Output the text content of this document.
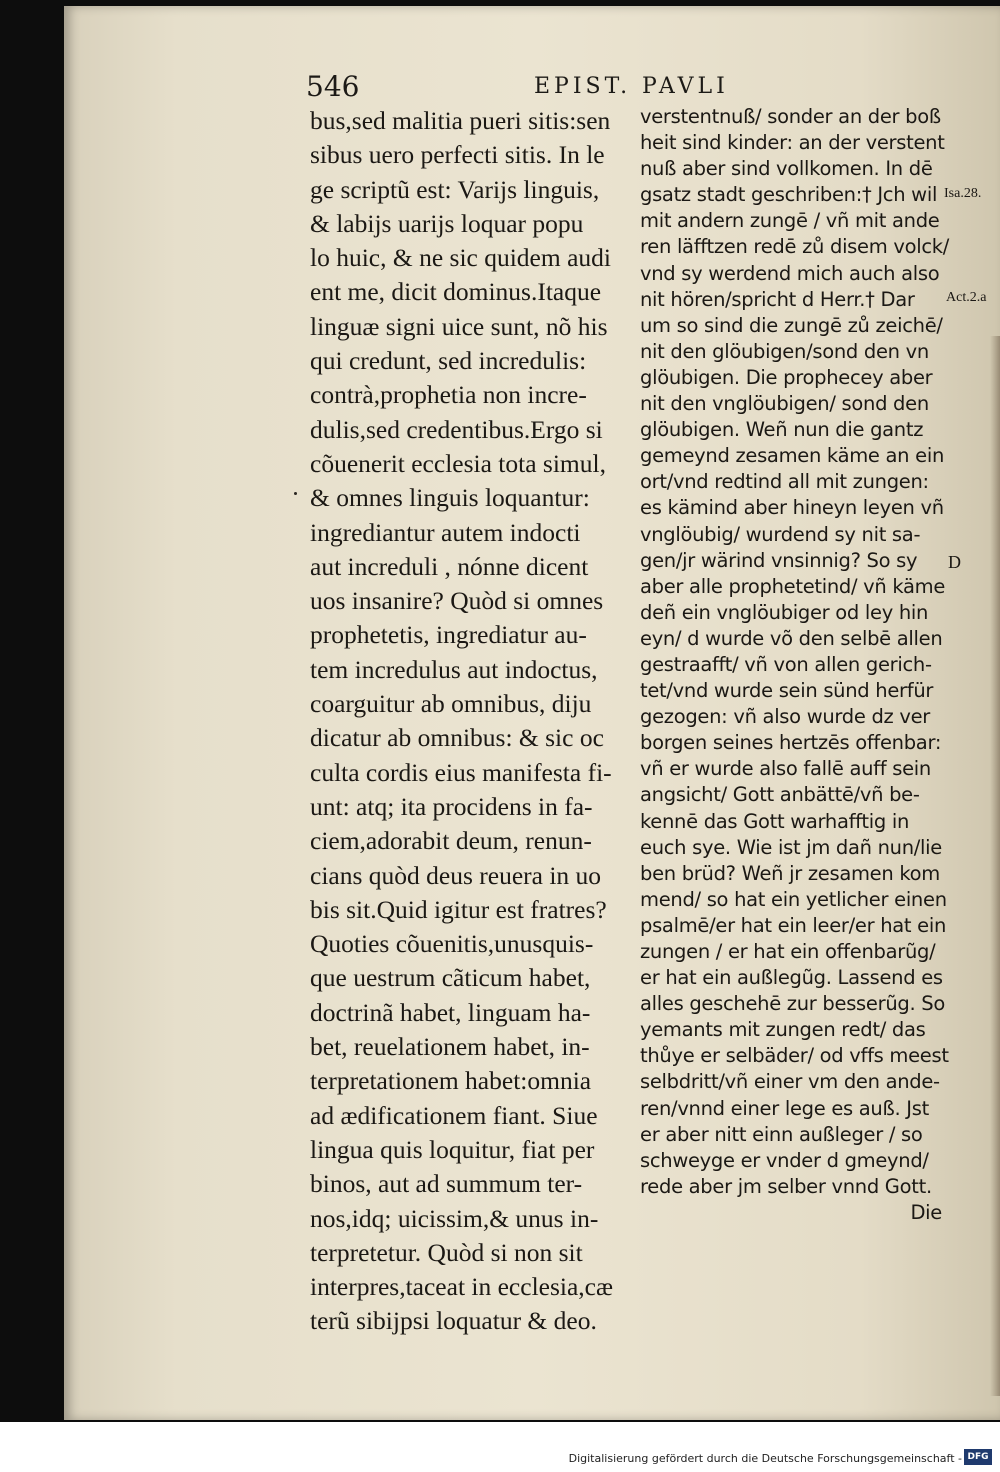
546	EPIST. PAVLI
bus,sed malitia pueri sitis:sen
sibus uero perfecti sitis. In le
ge scriptũ est: Varijs linguis,
& labijs uarijs loquar popu
lo huic, & ne sic quidem audi
ent me, dicit dominus.Itaque
linguæ signi uice sunt, nõ his
qui credunt, sed incredulis:
contrà,prophetia non incre-
dulis,sed credentibus.Ergo si
cõuenerit ecclesia tota simul,
& omnes linguis loquantur:
ingrediantur autem indocti
aut increduli , nónne dicent
uos insanire? Quòd si omnes
prophetetis, ingrediatur au-
tem incredulus aut indoctus,
coarguitur ab omnibus, diju
dicatur ab omnibus: & sic oc
culta cordis eius manifesta fi-
unt: atq; ita procidens in fa-
ciem,adorabit deum, renun-
cians quòd deus reuera in uo
bis sit.Quid igitur est fratres?
Quoties cõuenitis,unusquis-
que uestrum cãticum habet,
doctrinã habet, linguam ha-
bet, reuelationem habet, in-
terpretationem habet:omnia
ad ædificationem fiant. Siue
lingua quis loquitur, fiat per
binos, aut ad summum ter-
nos,idq; uicissim,& unus in-
terpretetur. Quòd si non sit
interpres,taceat in ecclesia,cæ
terũ sibijpsi loquatur & deo.
verstentnuß/ sonder an der boß
heit sind kinder: an der verstent
nuß aber sind vollkomen. In dē
gsatz stadt geschriben:† Jch wil
mit andern zungē / vñ mit ande
ren läfftzen redē zů disem volck/
vnd sy werdend mich auch also
nit hören/spricht d Herr.† Dar
um so sind die zungē zů zeichē/
nit den glöubigen/sond den vn
glöubigen. Die prophecey aber
nit den vnglöubigen/ sond den
glöubigen. Weñ nun die gantz
gemeynd zesamen käme an ein
ort/vnd redtind all mit zungen:
es kämind aber hineyn leyen vñ
vnglöubig/ wurdend sy nit sa-
gen/jr wärind vnsinnig? So sy
aber alle prophetetind/ vñ käme
deñ ein vnglöubiger od ley hin
eyn/ d wurde võ den selbē allen
gestraafft/ vñ von allen gerich-
tet/vnd wurde sein sünd herfür
gezogen: vñ also wurde dz ver
borgen seines hertzēs offenbar:
vñ er wurde also fallē auff sein
angsicht/ Gott anbättē/vñ be-
kennē das Gott warhafftig in
euch sye. Wie ist jm dañ nun/lie
ben brüd? Weñ jr zesamen kom
mend/ so hat ein yetlicher einen
psalmē/er hat ein leer/er hat ein
zungen / er hat ein offenbarũg/
er hat ein außlegũg. Lassend es
alles geschehē zur besserũg. So
yemants mit zungen redt/ das
thůye er selbäder/ od vffs meest
selbdritt/vñ einer vm den ande-
ren/vnnd einer lege es auß. Jst
er aber nitt einn außleger / so
schweyge er vnder d gmeynd/
rede aber jm selber vnnd Gott.
Die
Isa.28.
Act.2.a
D
Digitalisierung gefördert durch die Deutsche Forschungsgemeinschaft - DFG
